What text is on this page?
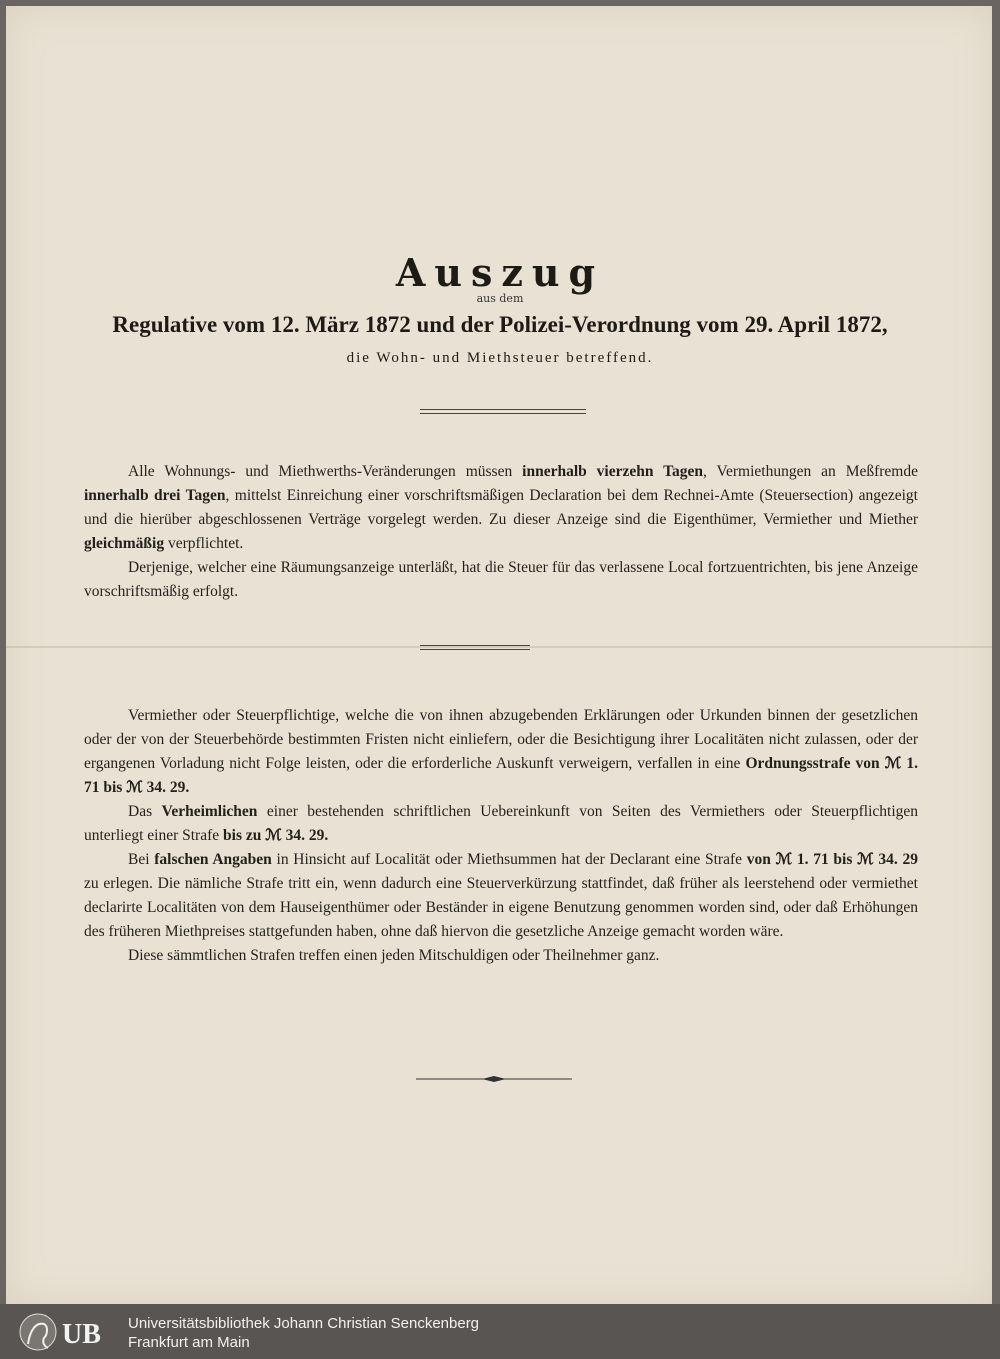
Auszug
aus dem
Regulative vom 12. März 1872 und der Polizei-Verordnung vom 29. April 1872,
die Wohn- und Miethsteuer betreffend.

Alle Wohnungs- und Miethwerths-Veränderungen müssen innerhalb vierzehn Tagen, Vermiethungen an Meßfremde innerhalb drei Tagen, mittelst Einreichung einer vorschriftsmäßigen Declaration bei dem Rechnei-Amte (Steuersection) angezeigt und die hierüber abgeschlossenen Verträge vorgelegt werden. Zu dieser Anzeige sind die Eigenthümer, Vermiether und Miether gleichmäßig verpflichtet.

Derjenige, welcher eine Räumungsanzeige unterläßt, hat die Steuer für das verlassene Local fortzuentrichten, bis jene Anzeige vorschriftsmäßig erfolgt.

Vermiether oder Steuerpflichtige, welche die von ihnen abzugebenden Erklärungen oder Urkunden binnen der gesetzlichen oder der von der Steuerbehörde bestimmten Fristen nicht einliefern, oder die Besichtigung ihrer Localitäten nicht zulassen, oder der ergangenen Vorladung nicht Folge leisten, oder die erforderliche Auskunft verweigern, verfallen in eine Ordnungsstrafe von ℳ 1. 71 bis ℳ 34. 29.

Das Verheimlichen einer bestehenden schriftlichen Uebereinkunft von Seiten des Vermiethers oder Steuerpflichtigen unterliegt einer Strafe bis zu ℳ 34. 29.

Bei falschen Angaben in Hinsicht auf Localität oder Miethsummen hat der Declarant eine Strafe von ℳ 1. 71 bis ℳ 34. 29 zu erlegen. Die nämliche Strafe tritt ein, wenn dadurch eine Steuerverkürzung stattfindet, daß früher als leerstehend oder vermiethet declarirte Localitäten von dem Hauseigenthümer oder Beständer in eigene Benutzung genommen worden sind, oder daß Erhöhungen des früheren Miethpreises stattgefunden haben, ohne daß hiervon die gesetzliche Anzeige gemacht worden wäre.

Diese sämmtlichen Strafen treffen einen jeden Mitschuldigen oder Theilnehmer ganz.

UB Universitätsbibliothek Johann Christian Senckenberg
Frankfurt am Main
